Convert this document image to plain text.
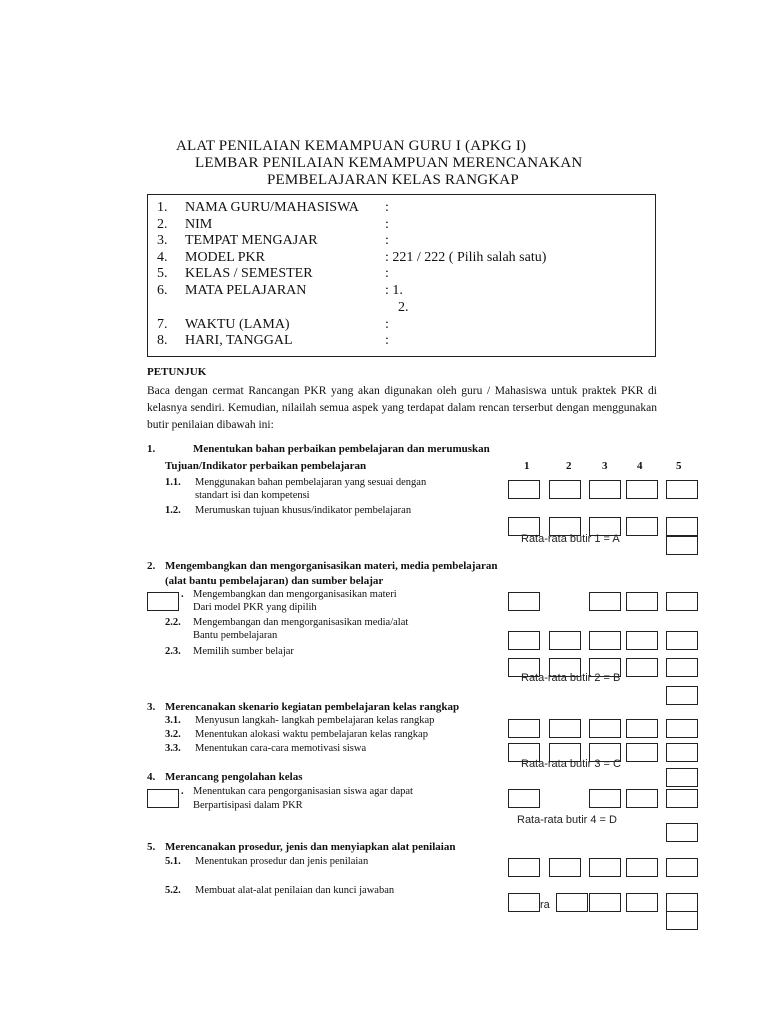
ALAT PENILAIAN KEMAMPUAN GURU I (APKG I)
LEMBAR PENILAIAN KEMAMPUAN MERENCANAKAN
PEMBELAJARAN KELAS RANGKAP
1. NAMA GURU/MAHASISWA :
2. NIM	:
3. TEMPAT MENGAJAR	:
4. MODEL PKR	: 221 / 222 ( Pilih salah satu)
5. KELAS / SEMESTER	:
6. MATA PELAJARAN	: 1.
2.
7. WAKTU (LAMA)	:
8. HARI, TANGGAL	:
PETUNJUK
Baca dengan cermat Rancangan PKR yang akan digunakan oleh guru / Mahasiswa untuk praktek PKR di kelasnya sendiri. Kemudian, nilailah semua aspek yang terdapat dalam rencan terserbut dengan menggunakan butir penilaian dibawah ini:
1.	Menentukan bahan perbaikan pembelajaran dan merumuskan
Tujuan/Indikator perbaikan pembelajaran	1	2	3	4	5
1.1. Menggunakan bahan pembelajaran yang sesuai dengan
standart isi dan kompetensi
1.2. Merumuskan tujuan khusus/indikator pembelajaran
Rata-rata butir 1 = A
2. Mengembangkan dan mengorganisasikan materi, media pembelajaran
(alat bantu pembelajaran) dan sumber belajar
. Mengembangkan dan mengorganisasikan materi
Dari model PKR yang dipilih
2.2. Mengembangan dan mengorganisasikan media/alat
Bantu pembelajaran
2.3. Memilih sumber belajar
Rata-rata butir 2 = B
3. Merencanakan skenario kegiatan pembelajaran kelas rangkap
3.1. Menyusun langkah- langkah pembelajaran kelas rangkap
3.2. Menentukan alokasi waktu pembelajaran kelas rangkap
3.3. Menentukan cara-cara memotivasi siswa
Rata-rata butir 3 = C
4. Merancang pengolahan kelas
. Menentukan cara pengorganisasian siswa agar dapat
Berpartisipasi dalam PKR
Rata-rata butir 4 = D
5. Merencanakan prosedur, jenis dan menyiapkan alat penilaian
5.1. Menentukan prosedur dan jenis penilaian
5.2. Membuat alat-alat penilaian dan kunci jawaban
ra
